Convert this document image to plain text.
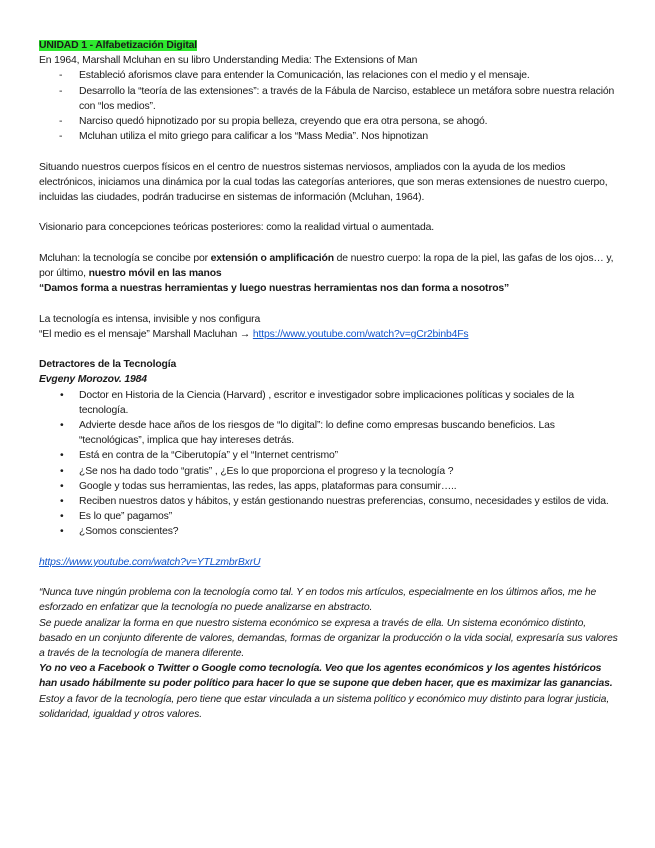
UNIDAD 1 - Alfabetización Digital

En 1964, Marshall Mcluhan en su libro Understanding Media: The Extensions of Man

- Estableció aforismos clave para entender la Comunicación, las relaciones con el medio y el mensaje.
- Desarrollo la “teoría de las extensiones”: a través de la Fábula de Narciso, establece un metáfora sobre nuestra relación con “los medios”.
- Narciso quedó hipnotizado por su propia belleza, creyendo que era otra persona, se ahogó.
- Mcluhan utiliza el mito griego para calificar a los “Mass Media”. Nos hipnotizan

Situando nuestros cuerpos físicos en el centro de nuestros sistemas nerviosos, ampliados con la ayuda de los medios electrónicos, iniciamos una dinámica por la cual todas las categorías anteriores, que son meras extensiones de nuestro cuerpo, incluidas las ciudades, podrán traducirse en sistemas de información (Mcluhan, 1964).

Visionario para concepciones teóricas posteriores: como la realidad virtual o aumentada.

Mcluhan: la tecnología se concibe por extensión o amplificación de nuestro cuerpo: la ropa de la piel, las gafas de los ojos… y, por último, nuestro móvil en las manos

“Damos forma a nuestras herramientas y luego nuestras herramientas nos dan forma a nosotros”

La tecnología es intensa, invisible y nos configura

“El medio es el mensaje” Marshall Macluhan → https://www.youtube.com/watch?v=gCr2binb4Fs

Detractores de la Tecnología

Evgeny Morozov. 1984

• Doctor en Historia de la Ciencia (Harvard) , escritor e investigador sobre implicaciones políticas y sociales de la tecnología.
• Advierte desde hace años de los riesgos de “lo digital”: lo define como empresas buscando beneficios. Las “tecnológicas”, implica que hay intereses detrás.
• Está en contra de la “Ciberutopía” y el “Internet centrismo”
• ¿Se nos ha dado todo “gratis” , ¿Es lo que proporciona el progreso y la tecnología ?
• Google y todas sus herramientas, las redes, las apps, plataformas para consumir…..
• Reciben nuestros datos y hábitos, y están gestionando nuestras preferencias, consumo, necesidades y estilos de vida.
• Es lo que” pagamos”
• ¿Somos conscientes?

https://www.youtube.com/watch?v=YTLzmbrBxrU

“Nunca tuve ningún problema con la tecnología como tal. Y en todos mis artículos, especialmente en los últimos años, me he esforzado en enfatizar que la tecnología no puede analizarse en abstracto.

Se puede analizar la forma en que nuestro sistema económico se expresa a través de ella. Un sistema económico distinto, basado en un conjunto diferente de valores, demandas, formas de organizar la producción o la vida social, expresaría sus valores a través de la tecnología de manera diferente.

Yo no veo a Facebook o Twitter o Google como tecnología. Veo que los agentes económicos y los agentes históricos han usado hábilmente su poder político para hacer lo que se supone que deben hacer, que es maximizar las ganancias.

Estoy a favor de la tecnología, pero tiene que estar vinculada a un sistema político y económico muy distinto para lograr justicia, solidaridad, igualdad y otros valores.
